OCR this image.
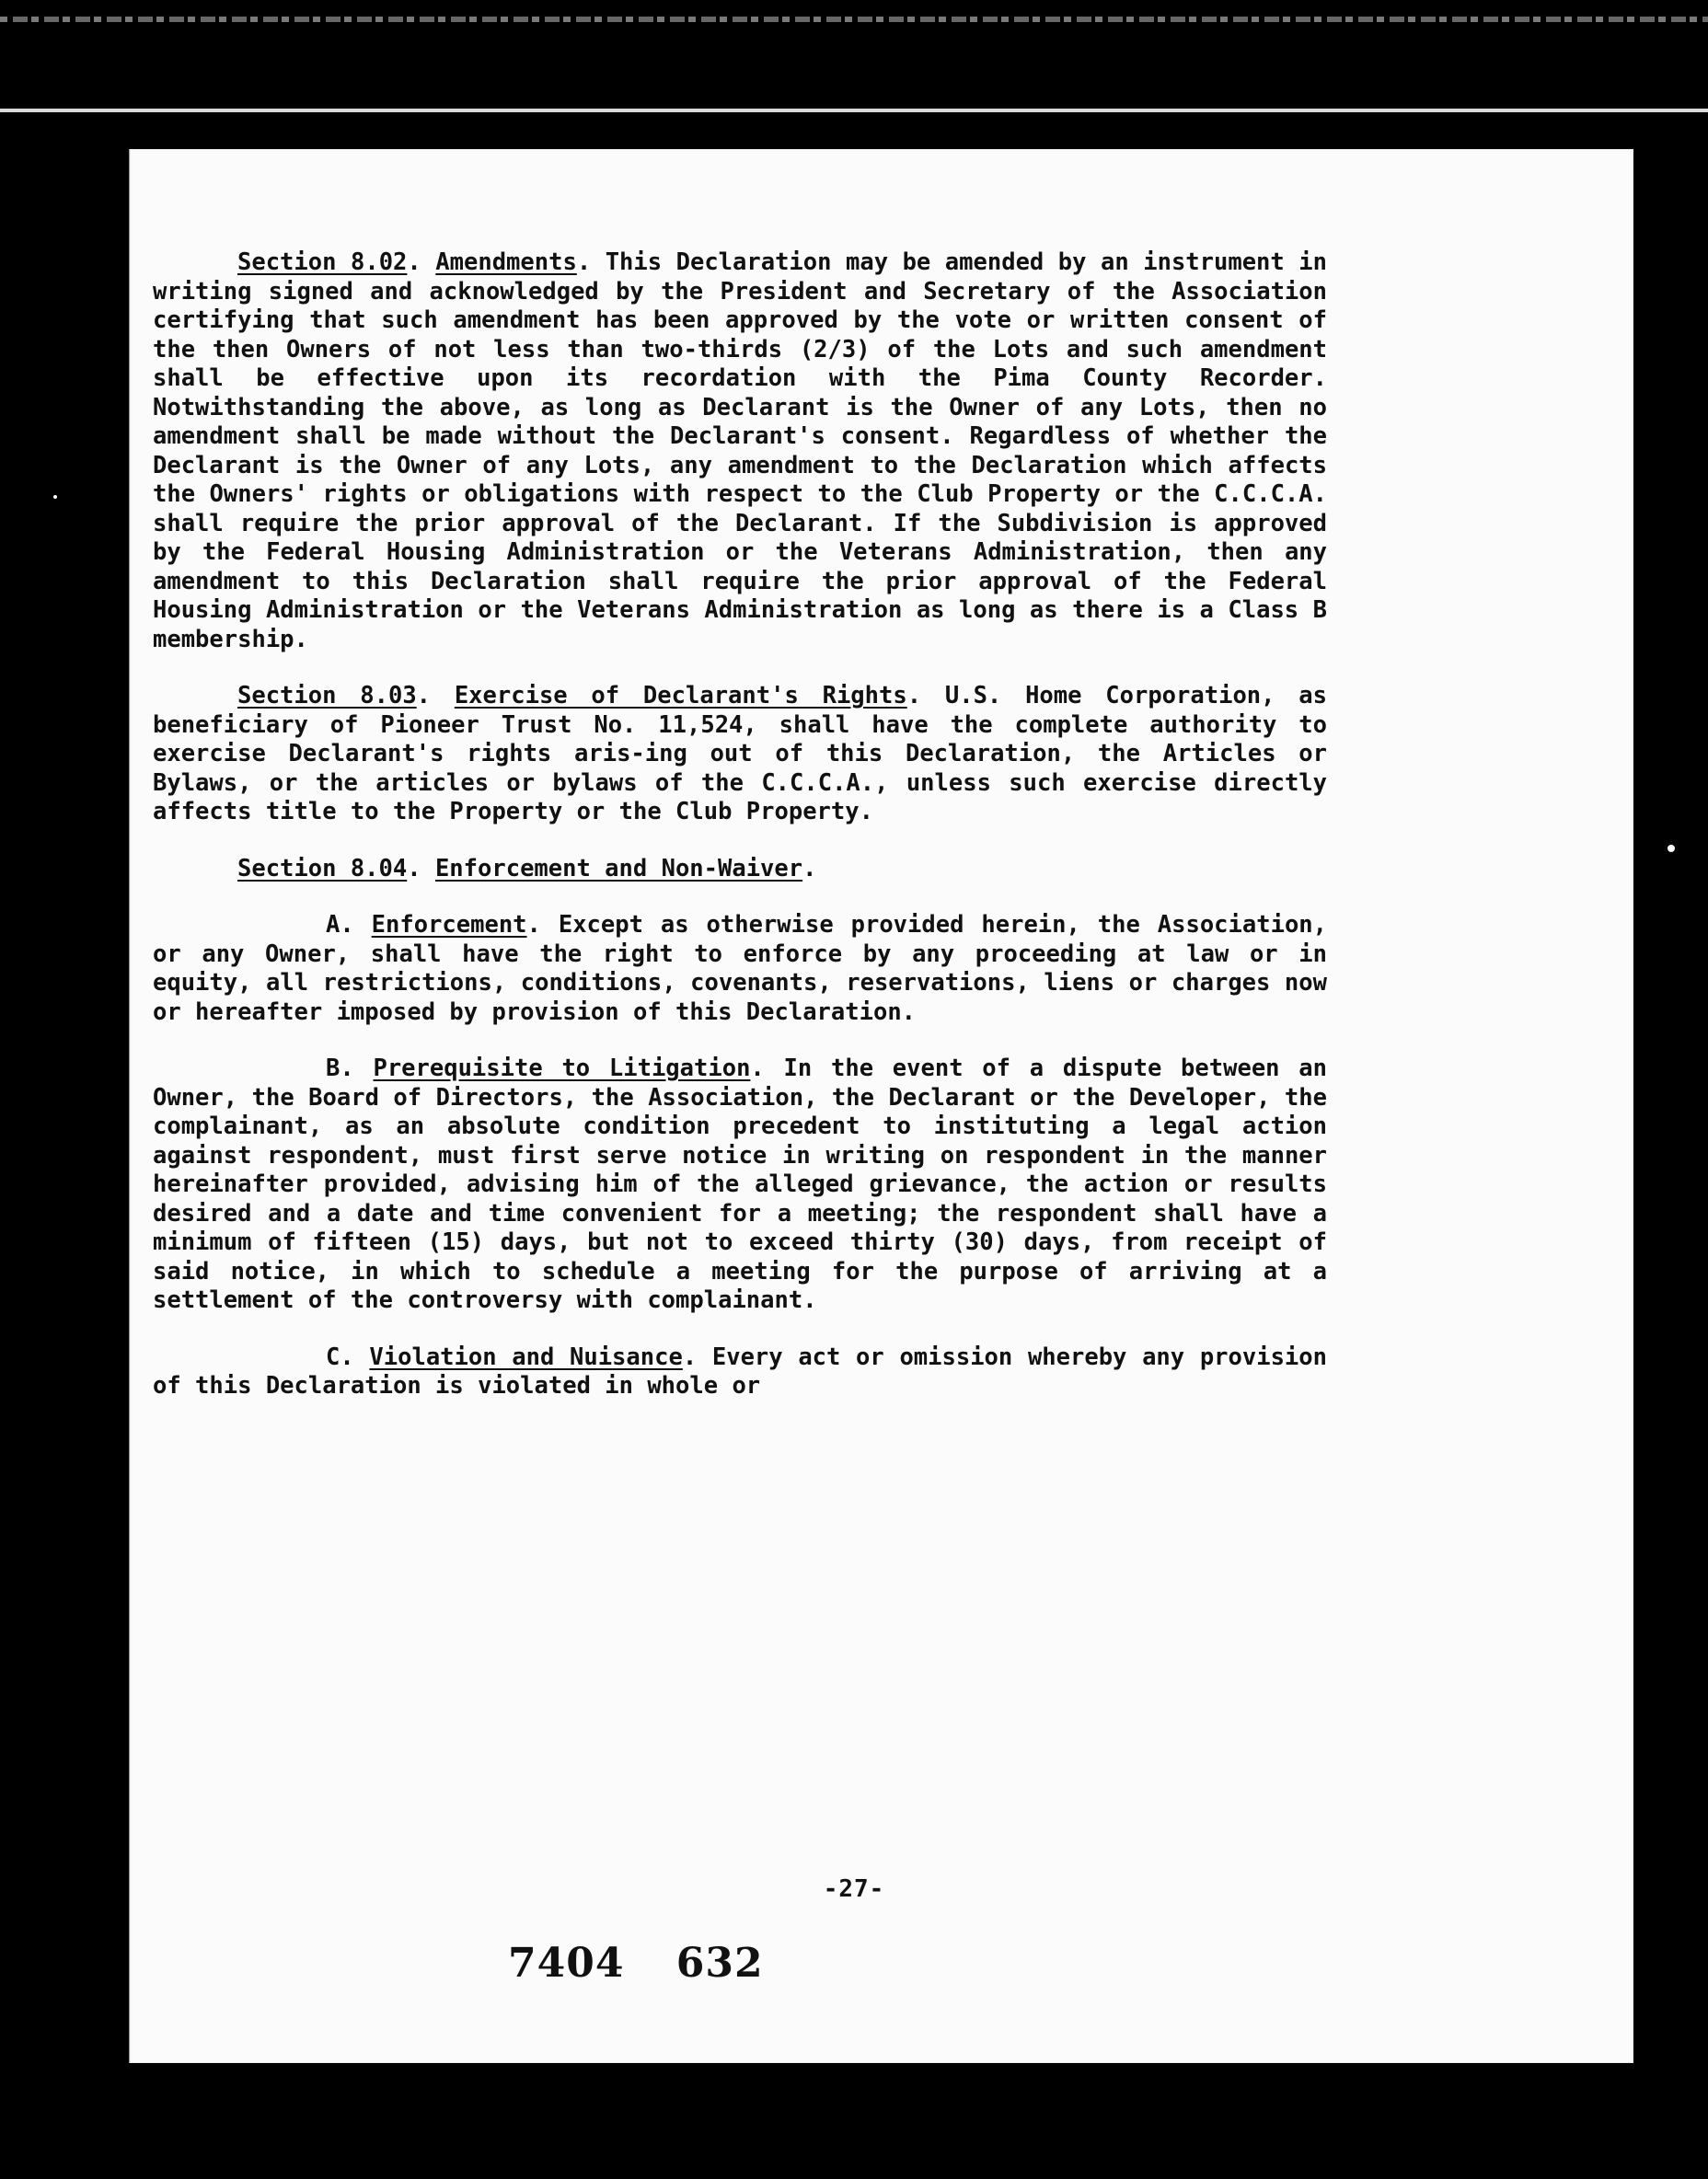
Section 8.02. Amendments. This Declaration may be amended by an instrument in writing signed and acknowledged by the President and Secretary of the Association certifying that such amendment has been approved by the vote or written consent of the then Owners of not less than two-thirds (2/3) of the Lots and such amendment shall be effective upon its recordation with the Pima County Recorder. Notwithstanding the above, as long as Declarant is the Owner of any Lots, then no amendment shall be made without the Declarant's consent. Regardless of whether the Declarant is the Owner of any Lots, any amendment to the Declaration which affects the Owners' rights or obligations with respect to the Club Property or the C.C.C.A. shall require the prior approval of the Declarant. If the Subdivision is approved by the Federal Housing Administration or the Veterans Administration, then any amendment to this Declaration shall require the prior approval of the Federal Housing Administration or the Veterans Administration as long as there is a Class B membership.

Section 8.03. Exercise of Declarant's Rights. U.S. Home Corporation, as beneficiary of Pioneer Trust No. 11,524, shall have the complete authority to exercise Declarant's rights aris-ing out of this Declaration, the Articles or Bylaws, or the articles or bylaws of the C.C.C.A., unless such exercise directly affects title to the Property or the Club Property.

Section 8.04. Enforcement and Non-Waiver.

A. Enforcement. Except as otherwise provided herein, the Association, or any Owner, shall have the right to enforce by any proceeding at law or in equity, all restrictions, conditions, covenants, reservations, liens or charges now or hereafter imposed by provision of this Declaration.

B. Prerequisite to Litigation. In the event of a dispute between an Owner, the Board of Directors, the Association, the Declarant or the Developer, the complainant, as an absolute condition precedent to instituting a legal action against respondent, must first serve notice in writing on respondent in the manner hereinafter provided, advising him of the alleged grievance, the action or results desired and a date and time convenient for a meeting; the respondent shall have a minimum of fifteen (15) days, but not to exceed thirty (30) days, from receipt of said notice, in which to schedule a meeting for the purpose of arriving at a settlement of the controversy with complainant.

C. Violation and Nuisance. Every act or omission whereby any provision of this Declaration is violated in whole or

-27-
7404 632
